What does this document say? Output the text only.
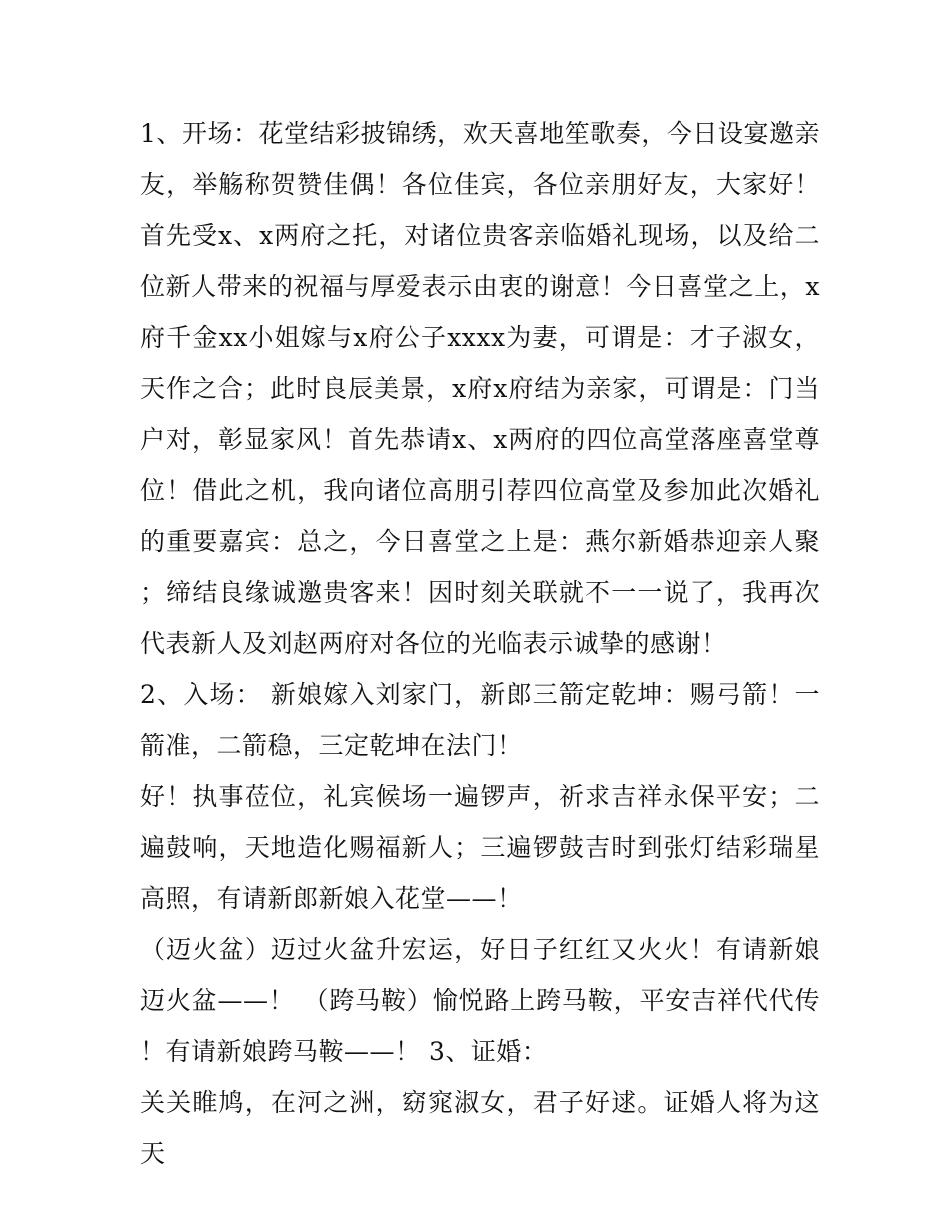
1、开场：花堂结彩披锦绣，欢天喜地笙歌奏，今日设宴邀亲友，举觞称贺赞佳偶！各位佳宾，各位亲朋好友，大家好！首先受x、x两府之托，对诸位贵客亲临婚礼现场，以及给二位新人带来的祝福与厚爱表示由衷的谢意！今日喜堂之上，x府千金xx小姐嫁与x府公子xxxx为妻，可谓是：才子淑女，天作之合；此时良辰美景，x府x府结为亲家，可谓是：门当户对，彰显家风！首先恭请x、x两府的四位高堂落座喜堂尊位！借此之机，我向诸位高朋引荐四位高堂及参加此次婚礼的重要嘉宾：总之，今日喜堂之上是：燕尔新婚恭迎亲人聚；缔结良缘诚邀贵客来！因时刻关联就不一一说了，我再次代表新人及刘赵两府对各位的光临表示诚挚的感谢！

2、入场： 新娘嫁入刘家门，新郎三箭定乾坤：赐弓箭！一箭准，二箭稳，三定乾坤在法门！

好！执事莅位，礼宾候场一遍锣声，祈求吉祥永保平安；二遍鼓响，天地造化赐福新人；三遍锣鼓吉时到张灯结彩瑞星高照，有请新郎新娘入花堂——！

（迈火盆）迈过火盆升宏运，好日子红红又火火！有请新娘迈火盆——！ （跨马鞍）愉悦路上跨马鞍，平安吉祥代代传！有请新娘跨马鞍——！ 3、证婚：

关关睢鸠，在河之洲，窈窕淑女，君子好逑。证婚人将为这天
